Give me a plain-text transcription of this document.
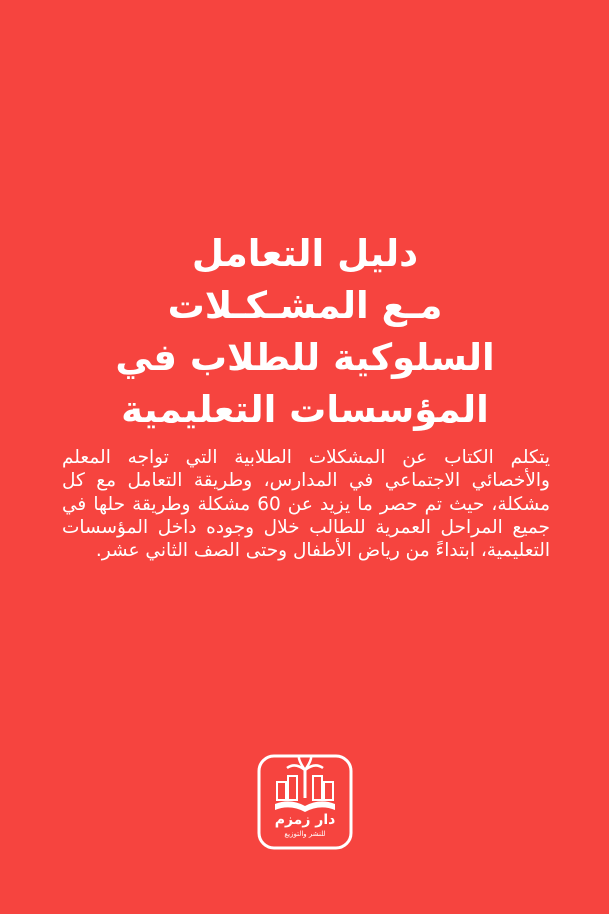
دليل التعامل
مـع المشـكـلات
السلوكية للطلاب في
المؤسسات التعليمية

يتكلم الكتاب عن المشكلات الطلابية التي تواجه المعلم والأخصائي الاجتماعي في المدارس، وطريقة التعامل مع كل مشكلة، حيث تم حصر ما يزيد عن 60 مشكلة وطريقة حلها في جميع المراحل العمرية للطالب خلال وجوده داخل المؤسسات التعليمية، ابتداءً من رياض الأطفال وحتى الصف الثاني عشر.

دار زمزم
للنشر والتوزيع
